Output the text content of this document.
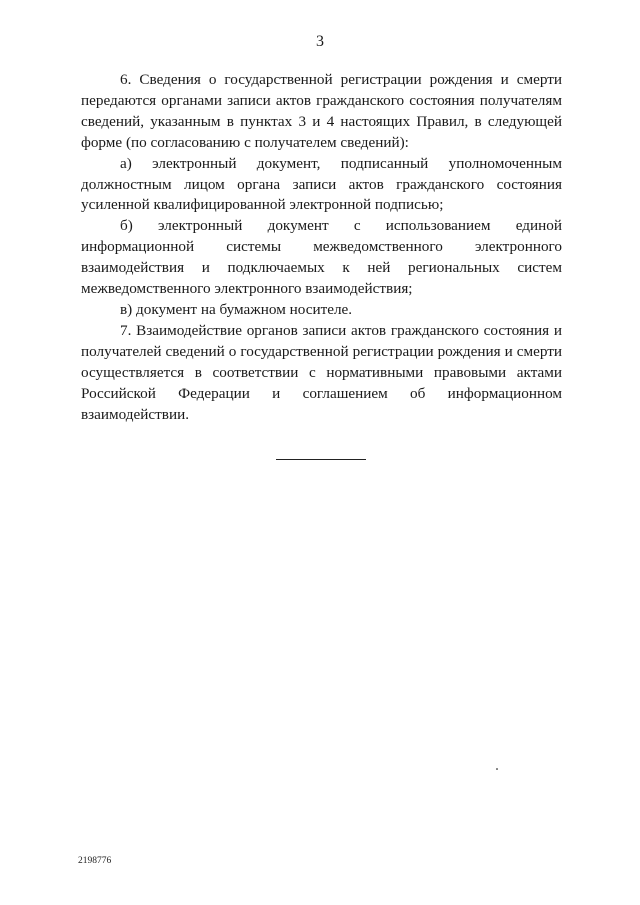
3

6. Сведения о государственной регистрации рождения и смерти передаются органами записи актов гражданского состояния получателям сведений, указанным в пунктах 3 и 4 настоящих Правил, в следующей форме (по согласованию с получателем сведений):

а) электронный документ, подписанный уполномоченным должностным лицом органа записи актов гражданского состояния усиленной квалифицированной электронной подписью;

б) электронный документ с использованием единой информационной системы межведомственного электронного взаимодействия и подключаемых к ней региональных систем межведомственного электронного взаимодействия;

в) документ на бумажном носителе.

7. Взаимодействие органов записи актов гражданского состояния и получателей сведений о государственной регистрации рождения и смерти осуществляется в соответствии с нормативными правовыми актами Российской Федерации и соглашением об информационном взаимодействии.

2198776
